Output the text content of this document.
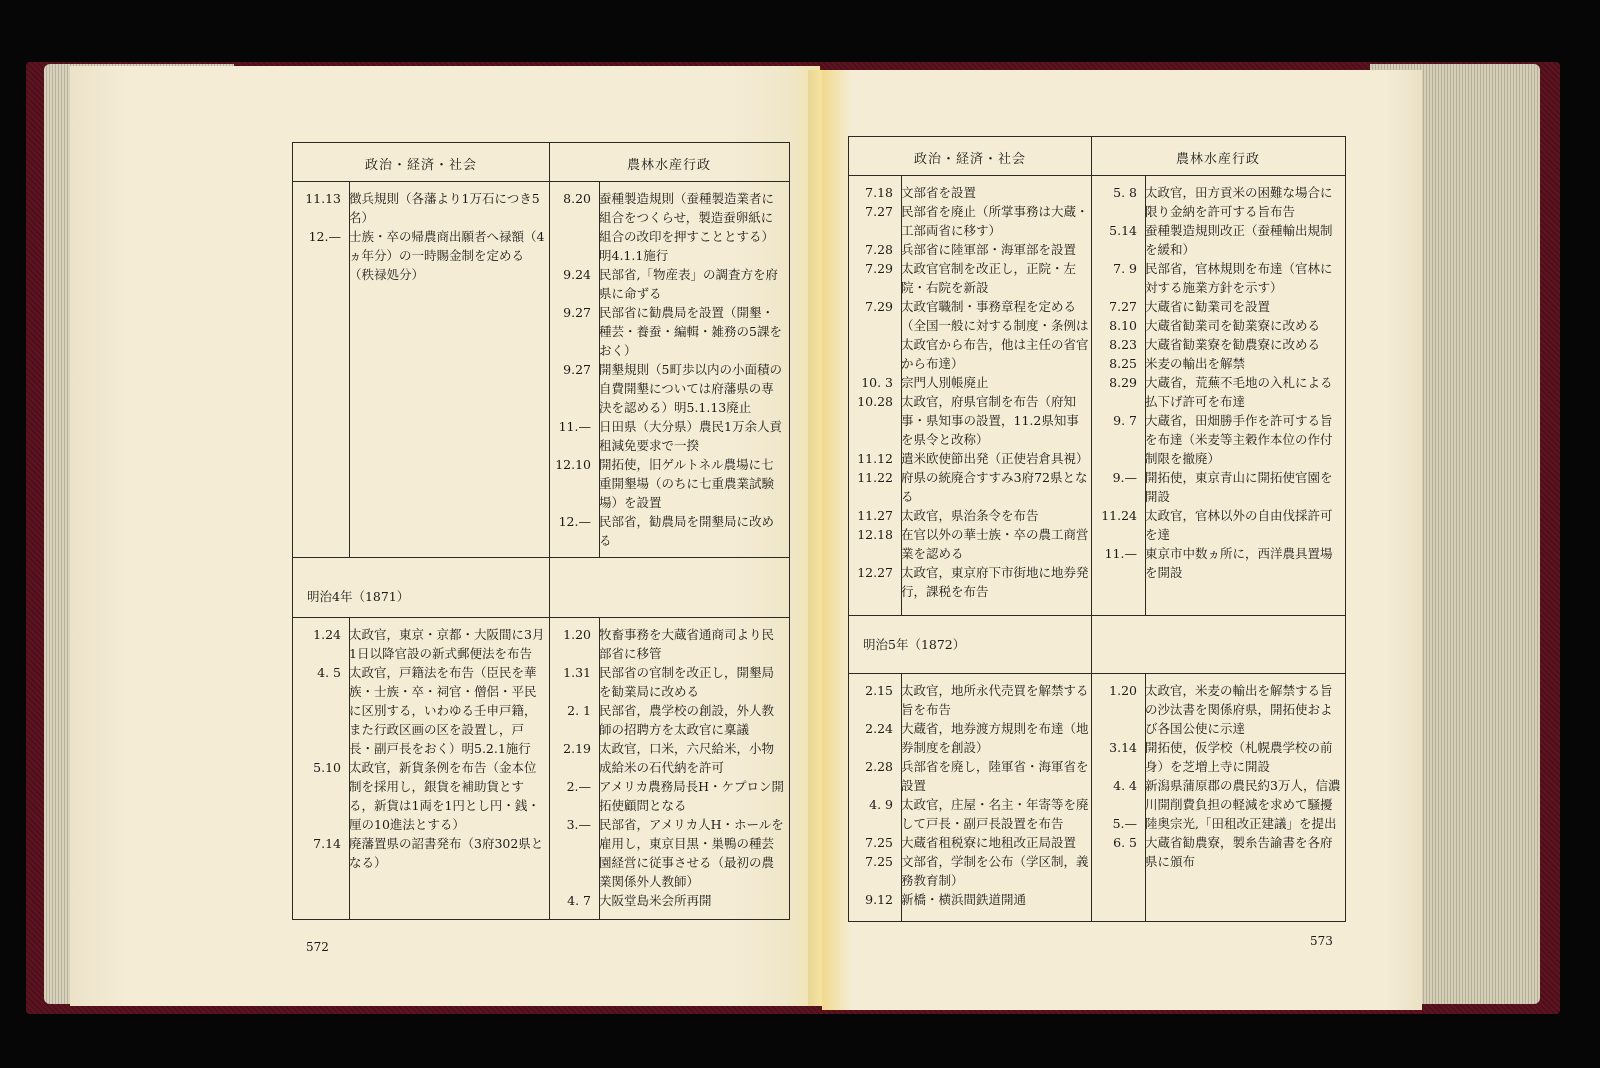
政治・経済・社会	農林水産行政
11.13 徴兵規則（各藩より1万石につき5名）
12.— 士族・卒の帰農商出願者へ禄額（4ヵ年分）の一時賜金制を定める（秩禄処分）
8.20 蚕種製造規則（蚕種製造業者に組合をつくらせ，製造蚕卵紙に組合の改印を押すこととする）明4.1.1施行
9.24 民部省,「物産表」の調査方を府県に命ずる
9.27 民部省に勧農局を設置（開墾・種芸・養蚕・編輯・雑務の5課をおく）
9.27 開墾規則（5町歩以内の小面積の自費開墾については府藩県の専決を認める）明5.1.13廃止
11.— 日田県（大分県）農民1万余人貢租減免要求で一揆
12.10 開拓使，旧ゲルトネル農場に七重開墾場（のちに七重農業試験場）を設置
12.— 民部省，勧農局を開墾局に改める
明治4年（1871）
1.24 太政官，東京・京都・大阪間に3月1日以降官設の新式郵便法を布告
4. 5 太政官，戸籍法を布告（臣民を華族・士族・卒・祠官・僧侶・平民に区別する，いわゆる壬申戸籍，また行政区画の区を設置し，戸長・副戸長をおく）明5.2.1施行
5.10 太政官，新貨条例を布告（金本位制を採用し，銀貨を補助貨とする，新貨は1両を1円とし円・銭・厘の10進法とする）
7.14 廃藩置県の詔書発布（3府302県となる）
1.20 牧畜事務を大蔵省通商司より民部省に移管
1.31 民部省の官制を改正し，開墾局を勧業局に改める
2. 1 民部省，農学校の創設，外人教師の招聘方を太政官に稟議
2.19 太政官，口米，六尺給米，小物成給米の石代納を許可
2.— アメリカ農務局長H・ケプロン開拓使顧問となる
3.— 民部省，アメリカ人H・ホールを雇用し，東京目黒・巣鴨の種芸園経営に従事させる（最初の農業関係外人教師）
4. 7 大阪堂島米会所再開
572
政治・経済・社会	農林水産行政
7.18 文部省を設置
7.27 民部省を廃止（所掌事務は大蔵・工部両省に移す）
7.28 兵部省に陸軍部・海軍部を設置
7.29 太政官官制を改正し，正院・左院・右院を新設
7.29 太政官職制・事務章程を定める（全国一般に対する制度・条例は太政官から布告，他は主任の省官から布達）
10. 3 宗門人別帳廃止
10.28 太政官，府県官制を布告（府知事・県知事の設置，11.2県知事を県令と改称）
11.12 遣米欧使節出発（正使岩倉具視）
11.22 府県の統廃合すすみ3府72県となる
11.27 太政官，県治条令を布告
12.18 在官以外の華士族・卒の農工商営業を認める
12.27 太政官，東京府下市街地に地券発行，課税を布告
5. 8 太政官，田方貢米の困難な場合に限り金納を許可する旨布告
5.14 蚕種製造規則改正（蚕種輸出規制を緩和）
7. 9 民部省，官林規則を布達（官林に対する施業方針を示す）
7.27 大蔵省に勧業司を設置
8.10 大蔵省勧業司を勧業寮に改める
8.23 大蔵省勧業寮を勧農寮に改める
8.25 米麦の輸出を解禁
8.29 大蔵省，荒蕪不毛地の入札による払下げ許可を布達
9. 7 大蔵省，田畑勝手作を許可する旨を布達（米麦等主穀作本位の作付制限を撤廃）
9.— 開拓使，東京青山に開拓使官園を開設
11.24 太政官，官林以外の自由伐採許可を達
11.— 東京市中数ヵ所に，西洋農具置場を開設
明治5年（1872）
2.15 太政官，地所永代売買を解禁する旨を布告
2.24 大蔵省，地券渡方規則を布達（地券制度を創設）
2.28 兵部省を廃し，陸軍省・海軍省を設置
4. 9 太政官，庄屋・名主・年寄等を廃して戸長・副戸長設置を布告
7.25 大蔵省租税寮に地租改正局設置
7.25 文部省，学制を公布（学区制，義務教育制）
9.12 新橋・横浜間鉄道開通
1.20 太政官，米麦の輸出を解禁する旨の沙汰書を関係府県，開拓使および各国公使に示達
3.14 開拓使，仮学校（札幌農学校の前身）を芝増上寺に開設
4. 4 新潟県蒲原郡の農民約3万人，信濃川開削費負担の軽減を求めて騒擾
5.— 陸奥宗光,「田租改正建議」を提出
6. 5 大蔵省勧農寮，製糸告諭書を各府県に頒布
573
